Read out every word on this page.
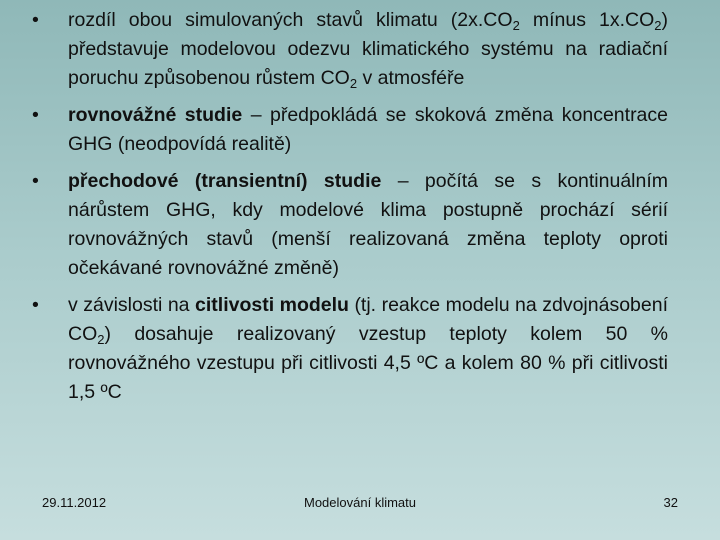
•	rozdíl obou simulovaných stavů klimatu ($2x.CO_2$ mínus $1x.CO_2$) představuje modelovou odezvu klimatického systému na radiační poruchu způsobenou růstem $CO_2$ v atmosféře
•	rovnovážné studie – předpokládá se skoková změna koncentrace GHG (neodpovídá realitě)
•	přechodové (transientní) studie – počítá se s kontinuálním nárůstem GHG, kdy modelové klima postupně prochází sérií rovnovážných stavů (menší realizovaná změna teploty oproti očekávané rovnovážné změně)
•	v závislosti na citlivosti modelu (tj. reakce modelu na zdvojnásobení $CO_2$) dosahuje realizovaný vzestup teploty kolem 50 % rovnovážného vzestupu při citlivosti 4,5 ºC a kolem 80 % při citlivosti 1,5 ºC
29.11.2012	Modelování klimatu	32
